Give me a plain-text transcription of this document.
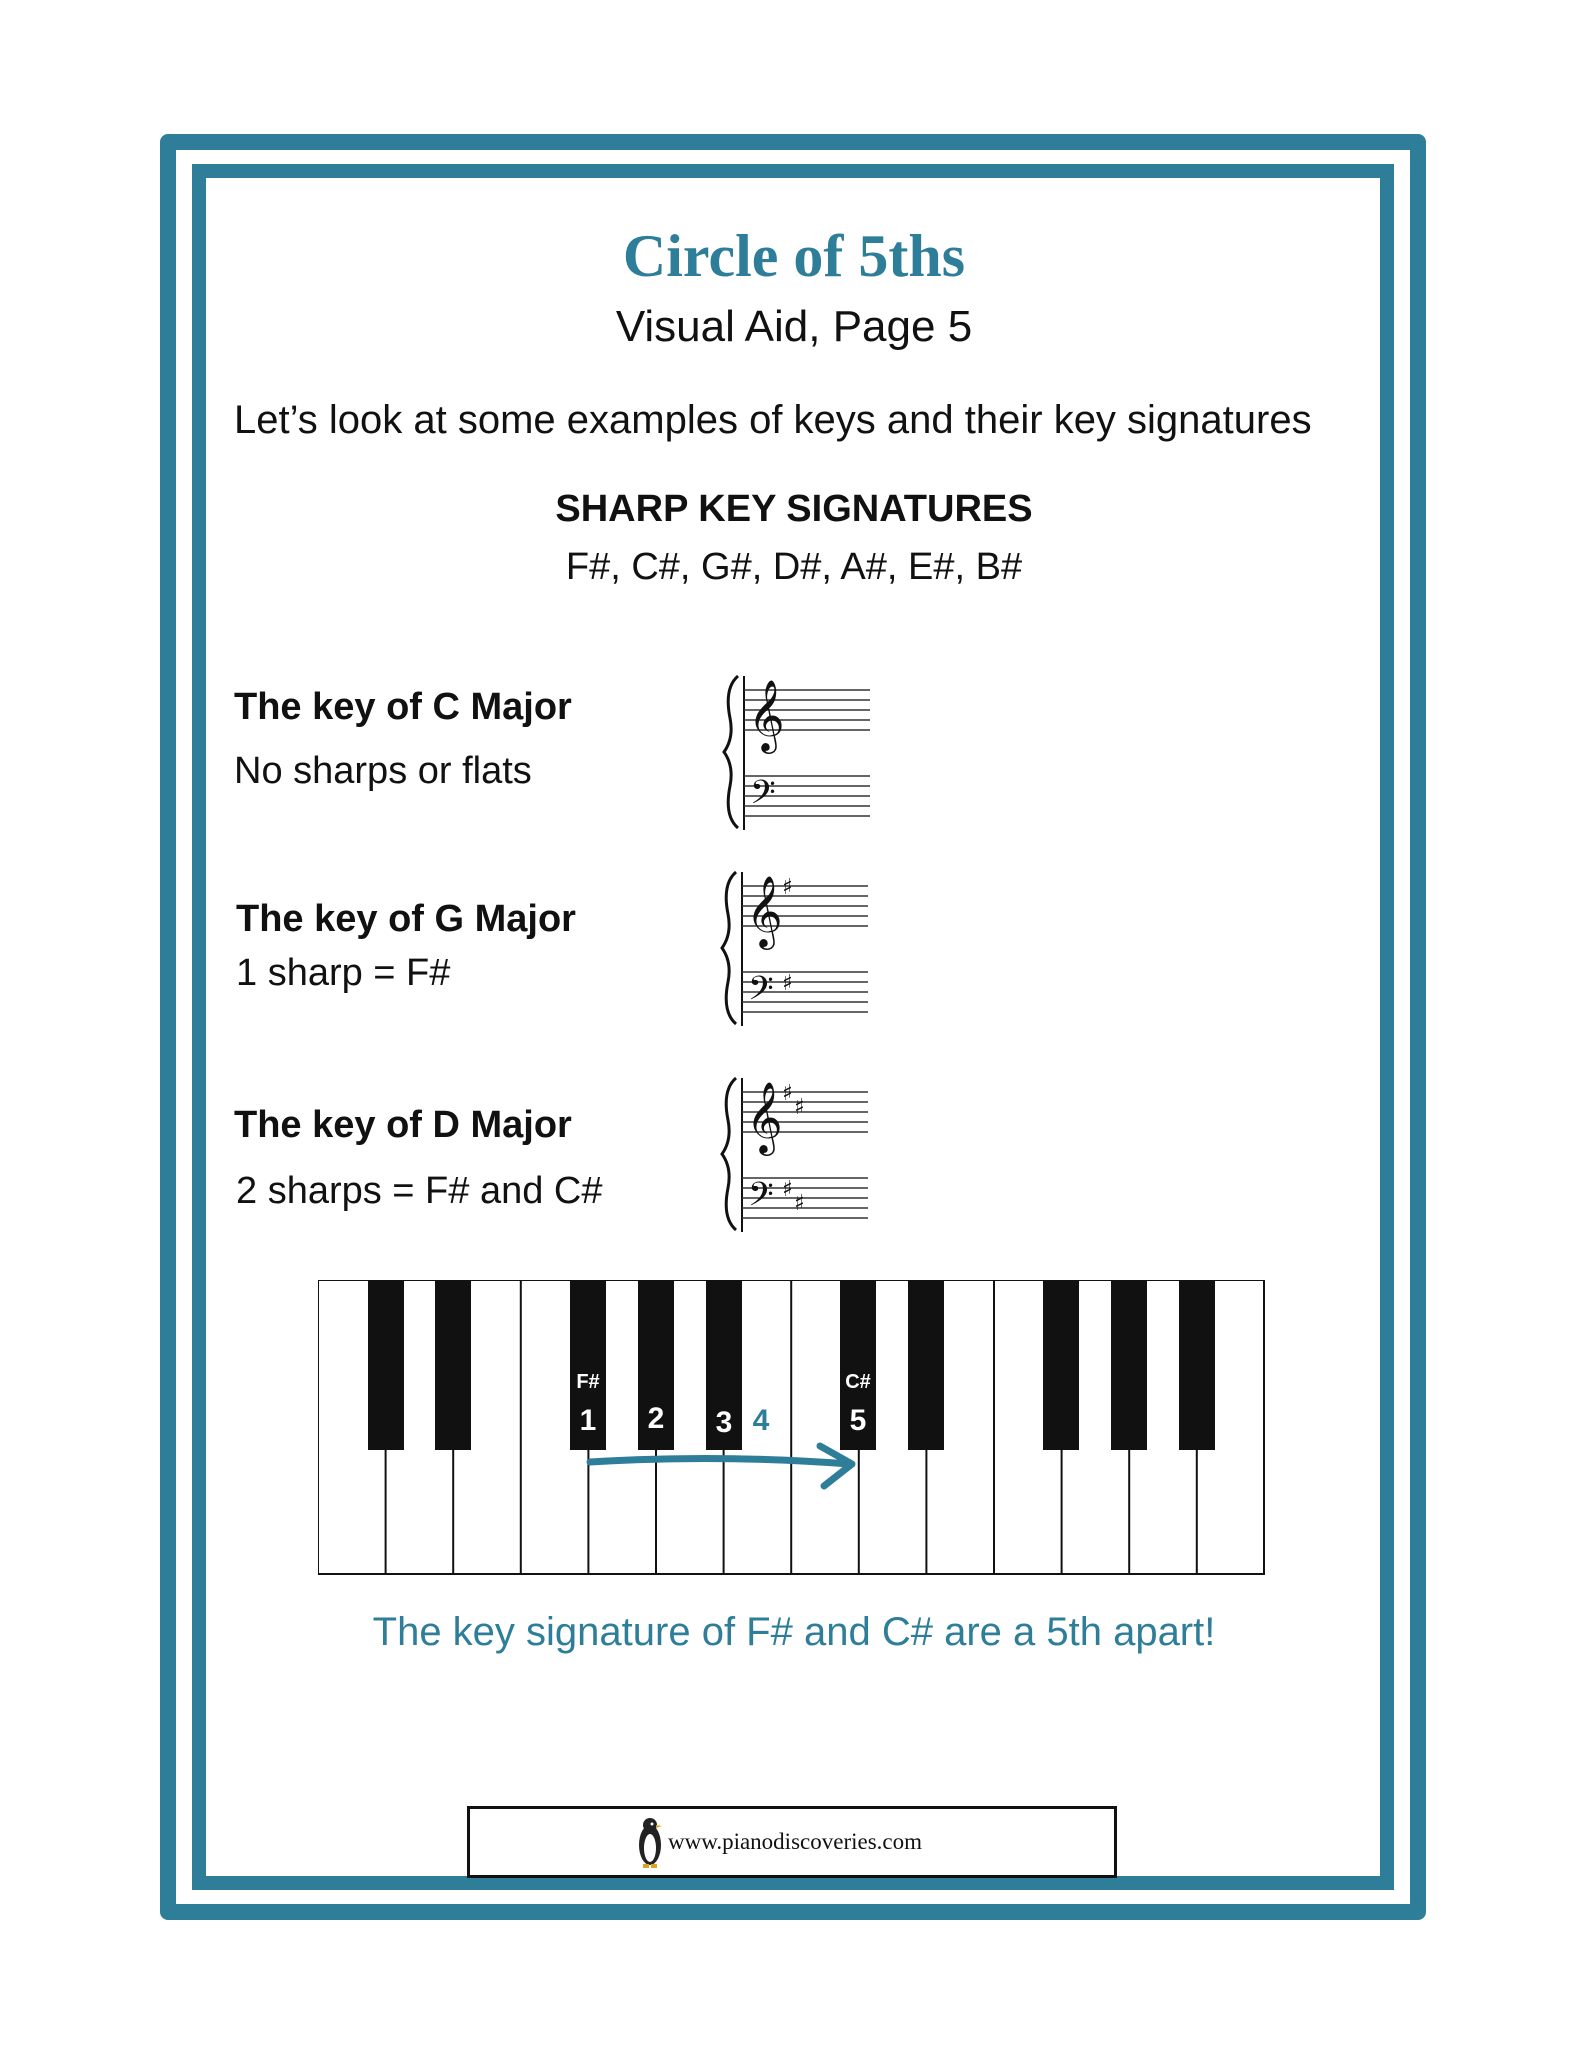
Circle of 5ths
Visual Aid, Page 5
Let’s look at some examples of keys and their key signatures
SHARP KEY SIGNATURES
F#, C#, G#, D#, A#, E#, B#
The key of C Major
No sharps or flats
The key of G Major
1 sharp = F#
The key of D Major
2 sharps = F# and C#
𝄞
𝄢
𝄞
𝄢
♯
♯
𝄞
𝄢
♯
♯
♯
♯
F#	C#
1 2 3 4	5
The key signature of F# and C# are a 5th apart!
www.pianodiscoveries.com
